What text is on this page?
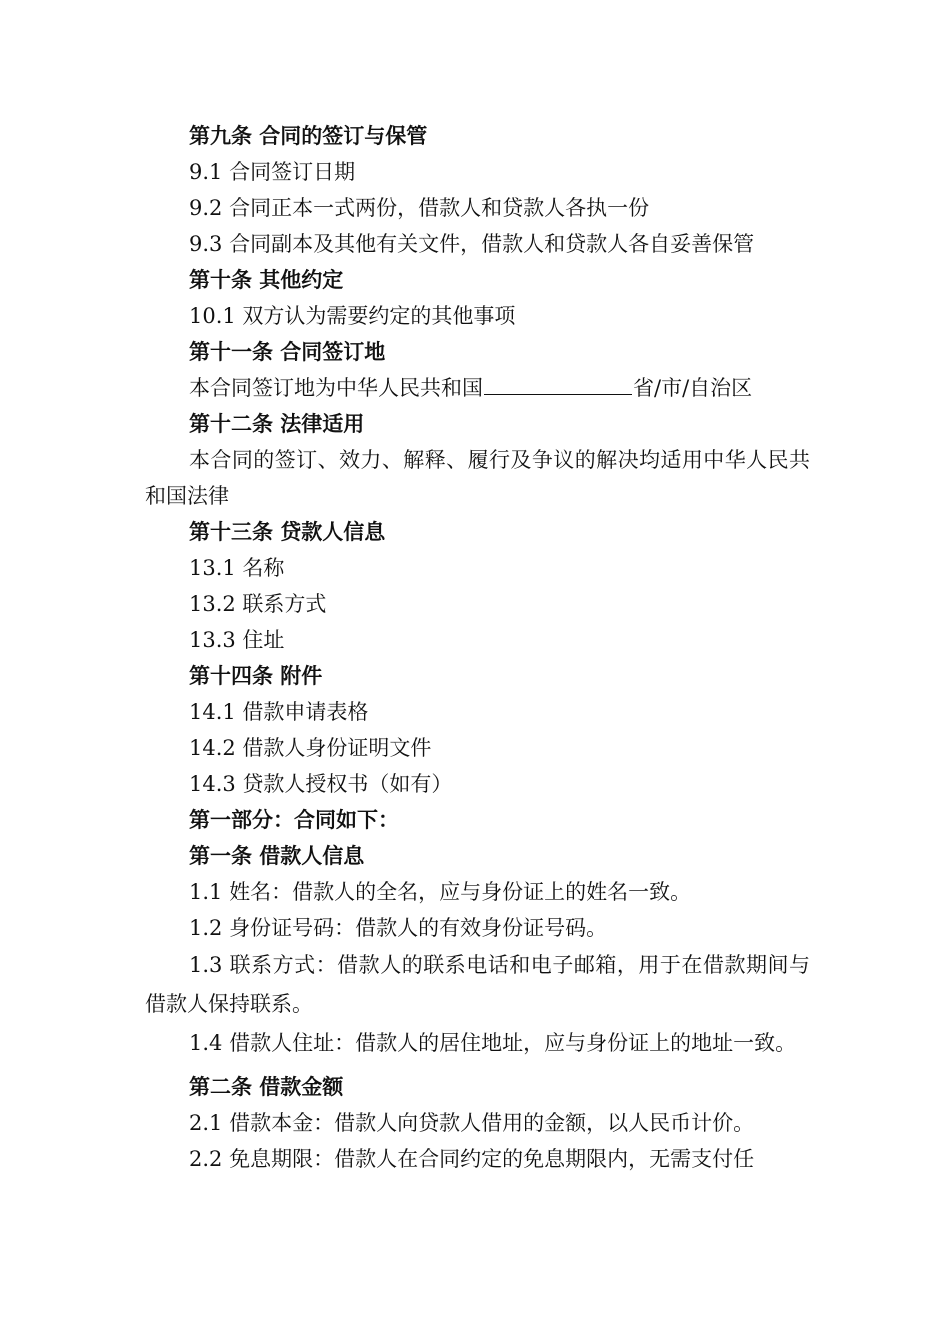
第九条 合同的签订与保管
9.1 合同签订日期
9.2 合同正本一式两份，借款人和贷款人各执一份
9.3 合同副本及其他有关文件，借款人和贷款人各自妥善保管
第十条 其他约定
10.1 双方认为需要约定的其他事项
第十一条 合同签订地
本合同签订地为中华人民共和国	省/市/自治区
第十二条 法律适用

本合同的签订、效力、解释、履行及争议的解决均适用中华人民共和国法律

第十三条 贷款人信息
13.1 名称
13.2 联系方式
13.3 住址
第十四条 附件
14.1 借款申请表格
14.2 借款人身份证明文件
14.3 贷款人授权书（如有）
第一部分：合同如下：
第一条 借款人信息
1.1 姓名：借款人的全名，应与身份证上的姓名一致。
1.2 身份证号码：借款人的有效身份证号码。

1.3 联系方式：借款人的联系电话和电子邮箱，用于在借款期间与借款人保持联系。

1.4 借款人住址：借款人的居住地址，应与身份证上的地址一致。

第二条 借款金额
2.1 借款本金：借款人向贷款人借用的金额，以人民币计价。
2.2 免息期限：借款人在合同约定的免息期限内，无需支付任
